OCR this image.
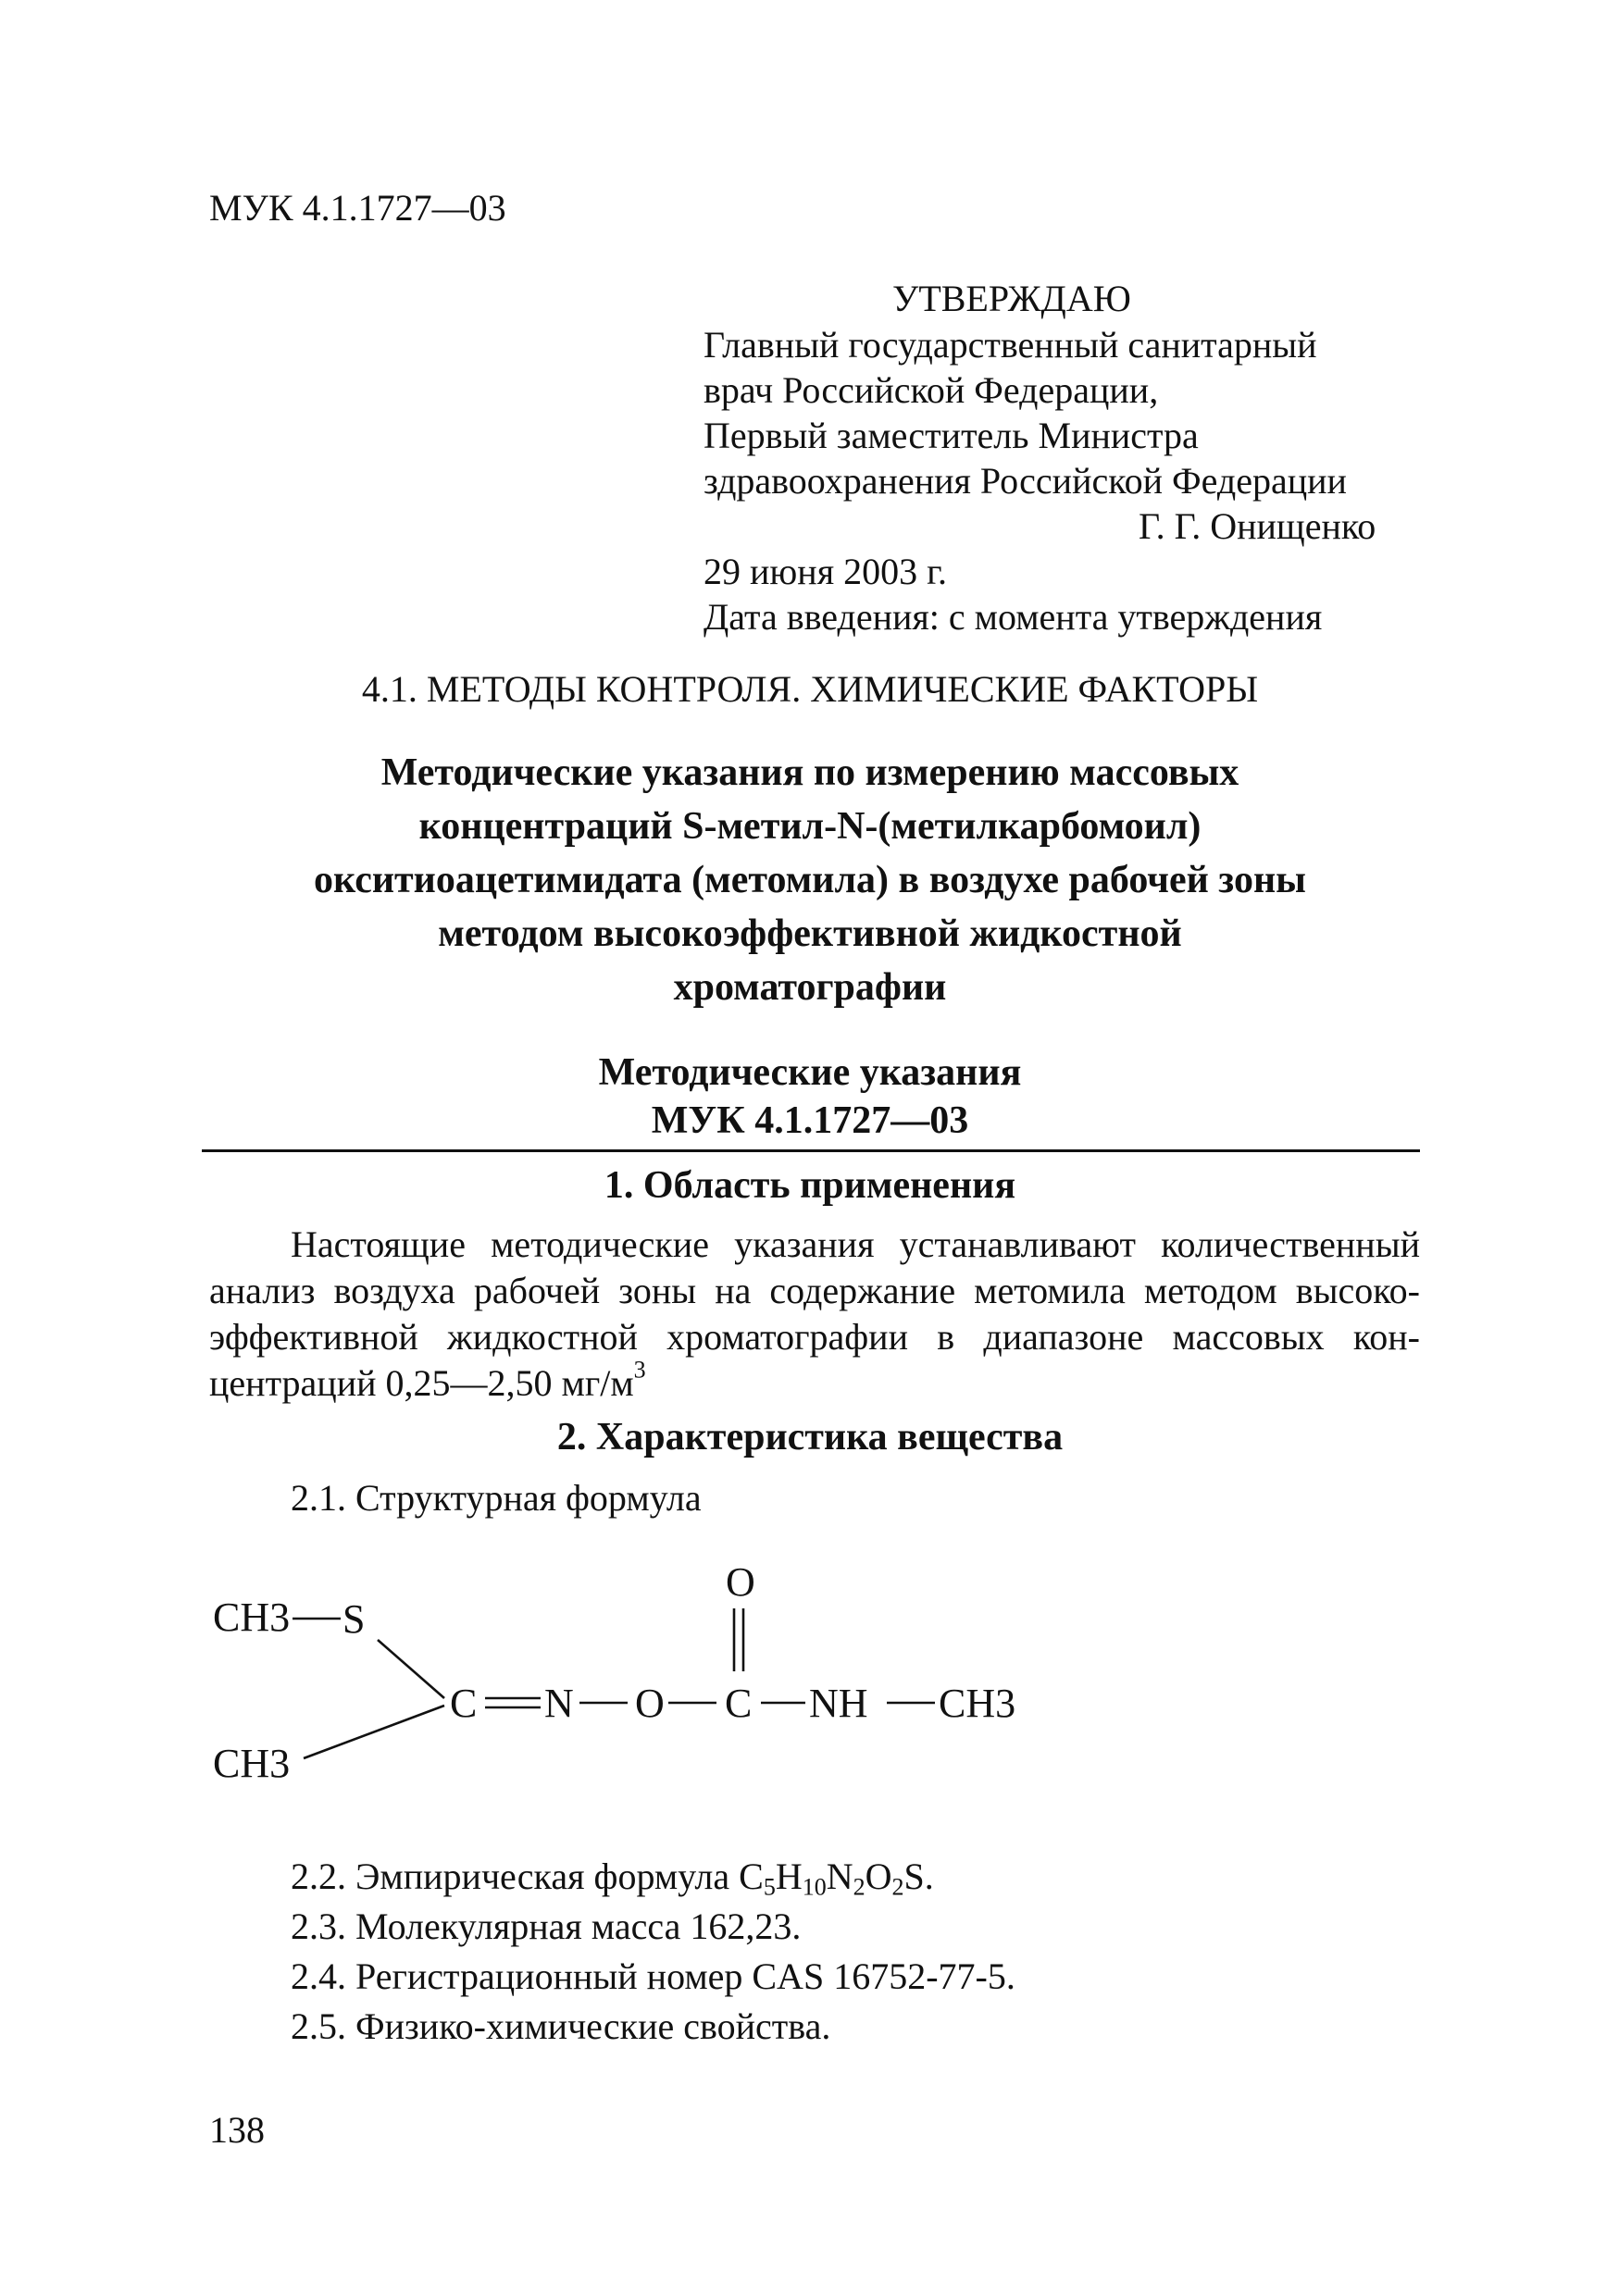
МУК 4.1.1727—03
УТВЕРЖДАЮ
Главный государственный санитарный
врач Российской Федерации,
Первый заместитель Министра
здравоохранения Российской Федерации
Г. Г. Онищенко
29 июня 2003 г.
Дата введения: с момента утверждения
4.1. МЕТОДЫ КОНТРОЛЯ. ХИМИЧЕСКИЕ ФАКТОРЫ
Методические указания по измерению массовых
концентраций S-метил-N-(метилкарбомоил)
окситиоацетимидата (метомила) в воздухе рабочей зоны
методом высокоэффективной жидкостной
хроматографии
Методические указания
МУК 4.1.1727—03
1. Область применения
Настоящие методические указания устанавливают количественный
анализ воздуха рабочей зоны на содержание метомила методом высоко-
эффективной жидкостной хроматографии в диапазоне массовых кон-
центраций 0,25—2,50 $мг/м^3$
2. Характеристика вещества
2.1. Структурная формула
CH3 S
CH3
C N O C
O
NH CH3
2.2. Эмпирическая формула $C_5H_{10}N_2O_2S$.
2.3. Молекулярная масса 162,23.
2.4. Регистрационный номер CAS 16752-77-5.
2.5. Физико-химические свойства.
138
